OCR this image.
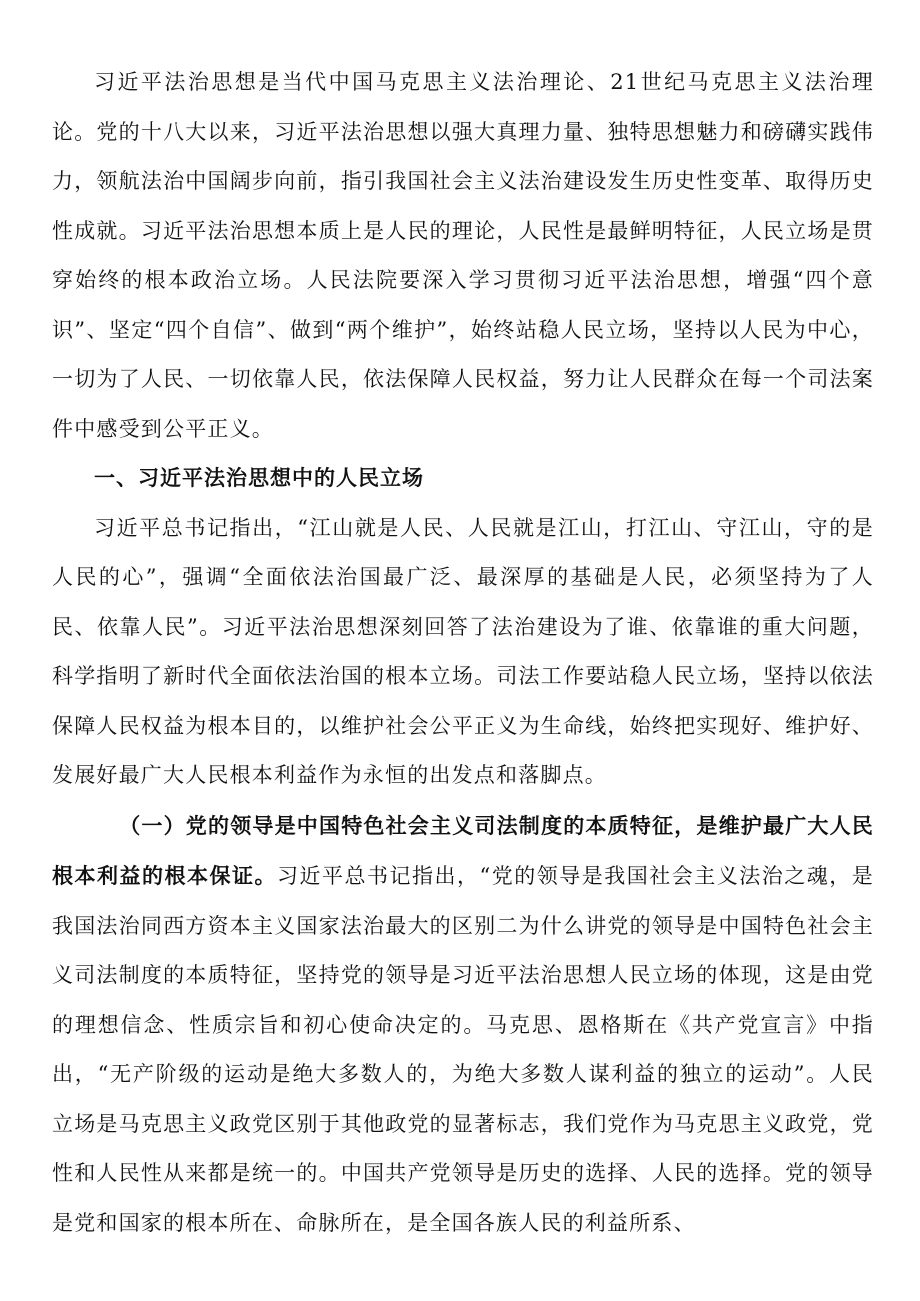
习近平法治思想是当代中国马克思主义法治理论、21世纪马克思主义法治理论。党的十八大以来，习近平法治思想以强大真理力量、独特思想魅力和磅礴实践伟力，领航法治中国阔步向前，指引我国社会主义法治建设发生历史性变革、取得历史性成就。习近平法治思想本质上是人民的理论，人民性是最鲜明特征，人民立场是贯穿始终的根本政治立场。人民法院要深入学习贯彻习近平法治思想，增强“四个意识”、坚定“四个自信”、做到“两个维护”，始终站稳人民立场，坚持以人民为中心，一切为了人民、一切依靠人民，依法保障人民权益，努力让人民群众在每一个司法案件中感受到公平正义。

一、习近平法治思想中的人民立场

习近平总书记指出，“江山就是人民、人民就是江山，打江山、守江山，守的是人民的心”，强调“全面依法治国最广泛、最深厚的基础是人民，必须坚持为了人民、依靠人民”。习近平法治思想深刻回答了法治建设为了谁、依靠谁的重大问题，科学指明了新时代全面依法治国的根本立场。司法工作要站稳人民立场，坚持以依法保障人民权益为根本目的，以维护社会公平正义为生命线，始终把实现好、维护好、发展好最广大人民根本利益作为永恒的出发点和落脚点。

（一）党的领导是中国特色社会主义司法制度的本质特征，是维护最广大人民根本利益的根本保证。习近平总书记指出，“党的领导是我国社会主义法治之魂，是我国法治同西方资本主义国家法治最大的区别二为什么讲党的领导是中国特色社会主义司法制度的本质特征，坚持党的领导是习近平法治思想人民立场的体现，这是由党的理想信念、性质宗旨和初心使命决定的。马克思、恩格斯在《共产党宣言》中指出，“无产阶级的运动是绝大多数人的，为绝大多数人谋利益的独立的运动”。人民立场是马克思主义政党区别于其他政党的显著标志，我们党作为马克思主义政党，党性和人民性从来都是统一的。中国共产党领导是历史的选择、人民的选择。党的领导是党和国家的根本所在、命脉所在，是全国各族人民的利益所系、
